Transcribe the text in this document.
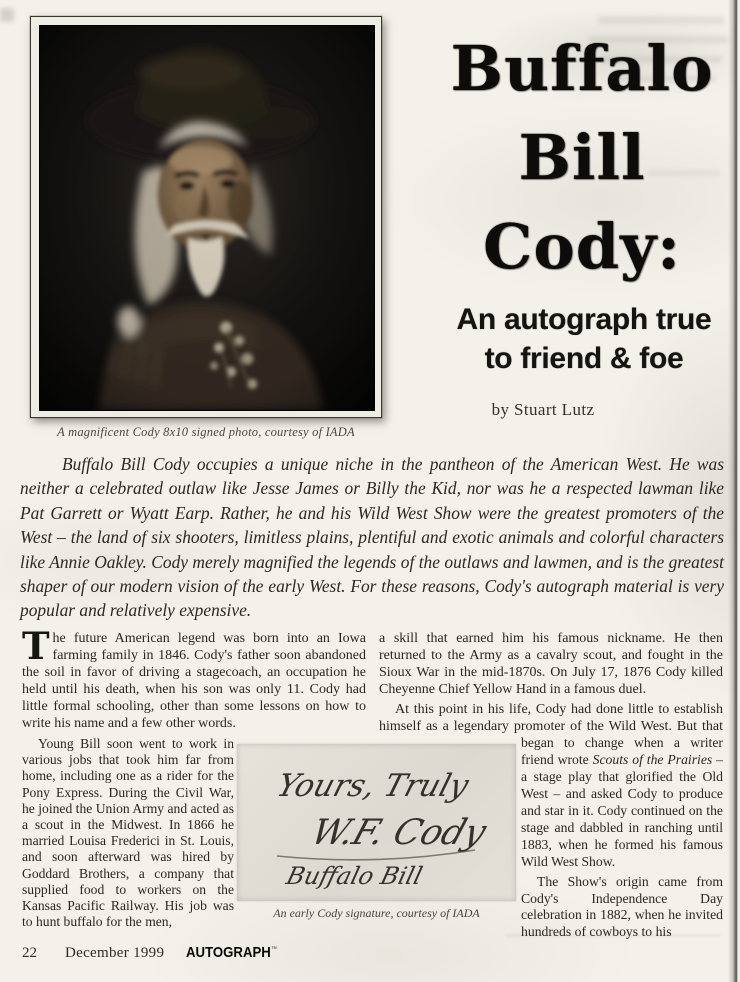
A magnificent Cody 8x10 signed photo, courtesy of IADA
Buffalo
Bill
Cody:
An autograph true
to friend & foe
by Stuart Lutz
Buffalo Bill Cody occupies a unique niche in the pantheon of the American West. He was neither a celebrated outlaw like Jesse James or Billy the Kid, nor was he a respected lawman like Pat Garrett or Wyatt Earp. Rather, he and his Wild West Show were the greatest promoters of the West – the land of six shooters, limitless plains, plentiful and exotic animals and colorful characters like Annie Oakley. Cody merely magnified the legends of the outlaws and lawmen, and is the greatest shaper of our modern vision of the early West. For these reasons, Cody's autograph material is very popular and relatively expensive.

The future American legend was born into an Iowa farming family in 1846. Cody's father soon abandoned the soil in favor of driving a stagecoach, an occupation he held until his death, when his son was only 11. Cody had little formal schooling, other than some lessons on how to write his name and a few other words.

Young Bill soon went to work in various jobs that took him far from home, including one as a rider for the Pony Express. During the Civil War, he joined the Union Army and acted as a scout in the Midwest. In 1866 he married Louisa Frederici in St. Louis, and soon afterward was hired by Goddard Brothers, a company that supplied food to workers on the Kansas Pacific Railway. His job was to hunt buffalo for the men,

a skill that earned him his famous nickname. He then returned to the Army as a cavalry scout, and fought in the Sioux War in the mid-1870s. On July 17, 1876 Cody killed Cheyenne Chief Yellow Hand in a famous duel.

At this point in his life, Cody had done little to establish himself as a legendary promoter of the Wild West. But that
began to change when a writer friend wrote Scouts of the Prairies – a stage play that glorified the Old West – and asked Cody to produce and star in it. Cody continued on the stage and dabbled in ranching until 1883, when he formed his famous Wild West Show.

The Show's origin came from Cody's Independence Day celebration in 1882, when he invited hundreds of cowboys to his

Yours, Truly
W.F. Cody
Buffalo Bill
An early Cody signature, courtesy of IADA
22 December 1999 AUTOGRAPH™
